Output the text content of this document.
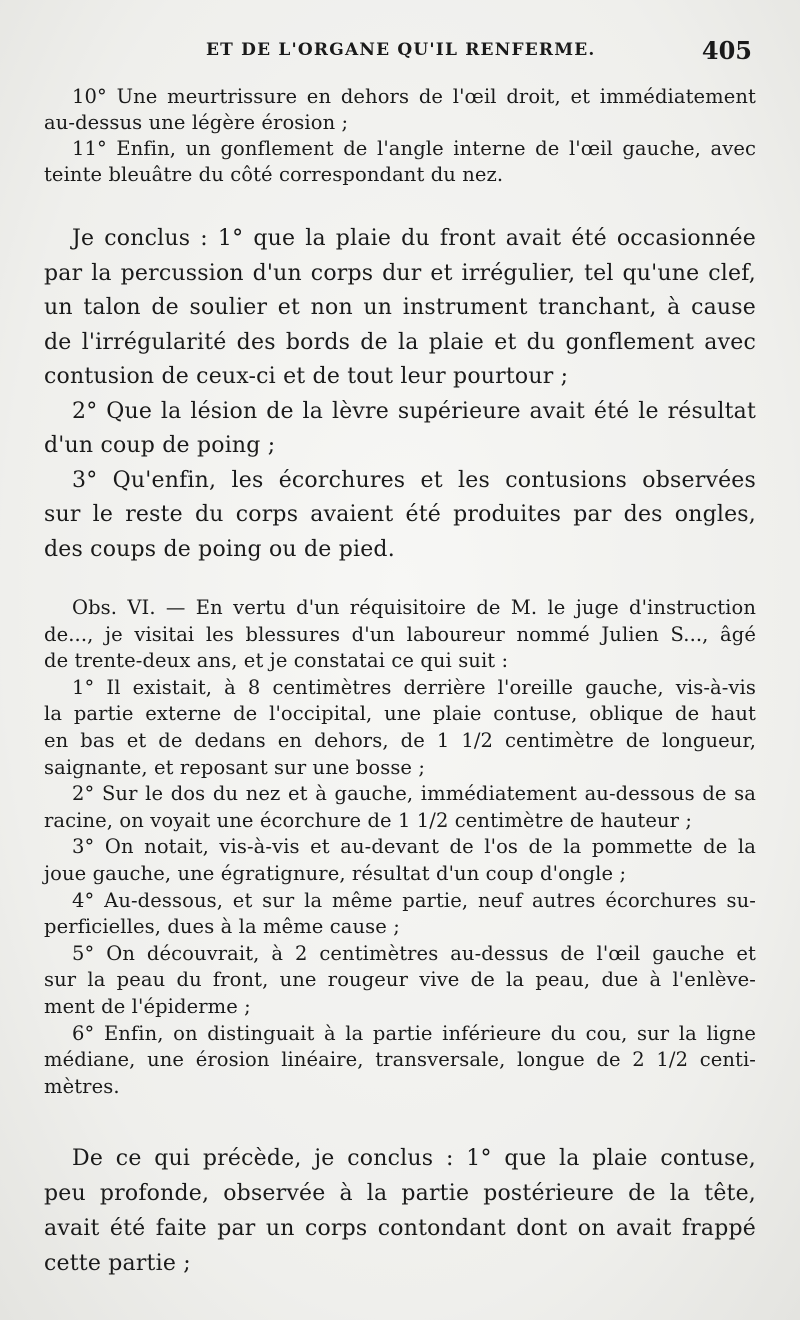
ET DE L'ORGANE QU'IL RENFERME.	405
10° Une meurtrissure en dehors de l'œil droit, et immédiatement
au-dessus une légère érosion ;
11° Enfin, un gonflement de l'angle interne de l'œil gauche, avec
teinte bleuâtre du côté correspondant du nez.
Je conclus : 1° que la plaie du front avait été occasionnée
par la percussion d'un corps dur et irrégulier, tel qu'une clef,
un talon de soulier et non un instrument tranchant, à cause
de l'irrégularité des bords de la plaie et du gonflement avec
contusion de ceux-ci et de tout leur pourtour ;
2° Que la lésion de la lèvre supérieure avait été le résultat
d'un coup de poing ;
3° Qu'enfin, les écorchures et les contusions observées
sur le reste du corps avaient été produites par des ongles,
des coups de poing ou de pied.
Obs. VI. — En vertu d'un réquisitoire de M. le juge d'instruction
de..., je visitai les blessures d'un laboureur nommé Julien S..., âgé
de trente-deux ans, et je constatai ce qui suit :
1° Il existait, à 8 centimètres derrière l'oreille gauche, vis-à-vis
la partie externe de l'occipital, une plaie contuse, oblique de haut
en bas et de dedans en dehors, de 1 1/2 centimètre de longueur,
saignante, et reposant sur une bosse ;
2° Sur le dos du nez et à gauche, immédiatement au-dessous de sa
racine, on voyait une écorchure de 1 1/2 centimètre de hauteur ;
3° On notait, vis-à-vis et au-devant de l'os de la pommette de la
joue gauche, une égratignure, résultat d'un coup d'ongle ;
4° Au-dessous, et sur la même partie, neuf autres écorchures su-
perficielles, dues à la même cause ;
5° On découvrait, à 2 centimètres au-dessus de l'œil gauche et
sur la peau du front, une rougeur vive de la peau, due à l'enlève-
ment de l'épiderme ;
6° Enfin, on distinguait à la partie inférieure du cou, sur la ligne
médiane, une érosion linéaire, transversale, longue de 2 1/2 centi-
mètres.
De ce qui précède, je conclus : 1° que la plaie contuse,
peu profonde, observée à la partie postérieure de la tête,
avait été faite par un corps contondant dont on avait frappé
cette partie ;
